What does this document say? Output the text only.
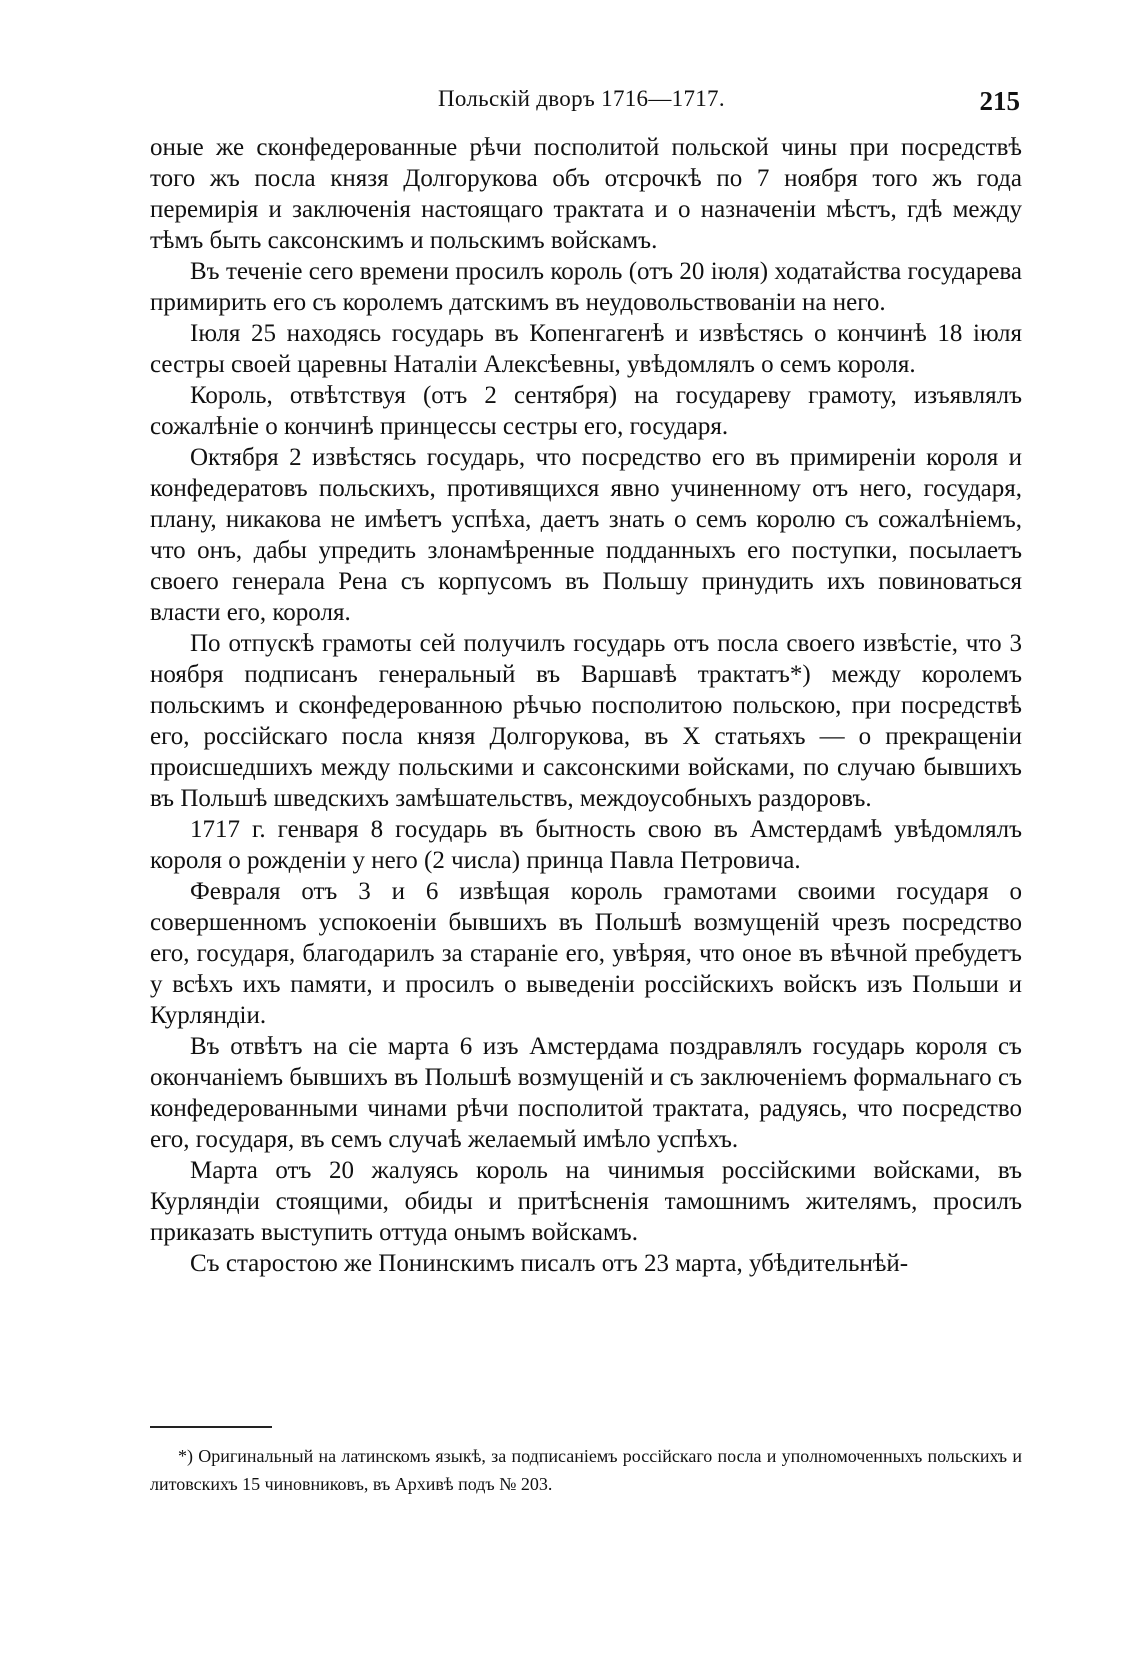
Польскій дворъ 1716—1717.	215

оные же сконфедерованные рѣчи посполитой польской чины при посредствѣ того жъ посла князя Долгорукова объ отсрочкѣ по 7 ноября того жъ года перемирія и заключенія настоящаго трактата и о назначеніи мѣстъ, гдѣ между тѣмъ быть саксонскимъ и польскимъ войскамъ.

Въ теченіе сего времени просилъ король (отъ 20 іюля) ходатайства государева примирить его съ королемъ датскимъ въ неудовольствованіи на него.

Іюля 25 находясь государь въ Копенгагенѣ и извѣстясь о кончинѣ 18 іюля сестры своей царевны Наталіи Алексѣевны, увѣдомлялъ о семъ короля.

Король, отвѣтствуя (отъ 2 сентября) на государеву грамоту, изъявлялъ сожалѣніе о кончинѣ принцессы сестры его, государя.

Октября 2 извѣстясь государь, что посредство его въ примиреніи короля и конфедератовъ польскихъ, противящихся явно учиненному отъ него, государя, плану, никакова не имѣетъ успѣха, даетъ знать о семъ королю съ сожалѣніемъ, что онъ, дабы упредить злонамѣренные подданныхъ его поступки, посылаетъ своего генерала Рена съ корпусомъ въ Польшу принудить ихъ повиноваться власти его, короля.

По отпускѣ грамоты сей получилъ государь отъ посла своего извѣстіе, что 3 ноября подписанъ генеральный въ Варшавѣ трактатъ*) между королемъ польскимъ и сконфедерованною рѣчью посполитою польскою, при посредствѣ его, россійскаго посла князя Долгорукова, въ X статьяхъ — о прекращеніи происшедшихъ между польскими и саксонскими войсками, по случаю бывшихъ въ Польшѣ шведскихъ замѣшательствъ, междоусобныхъ раздоровъ.

1717 г. генваря 8 государь въ бытность свою въ Амстердамѣ увѣдомлялъ короля о рожденіи у него (2 числа) принца Павла Петровича.

Февраля отъ 3 и 6 извѣщая король грамотами своими государя о совершенномъ успокоеніи бывшихъ въ Польшѣ возмущеній чрезъ посредство его, государя, благодарилъ за стараніе его, увѣряя, что оное въ вѣчной пребудетъ у всѣхъ ихъ памяти, и просилъ о выведеніи россійскихъ войскъ изъ Польши и Курляндіи.

Въ отвѣтъ на сіе марта 6 изъ Амстердама поздравлялъ государь короля съ окончаніемъ бывшихъ въ Польшѣ возмущеній и съ заключеніемъ формальнаго съ конфедерованными чинами рѣчи посполитой трактата, радуясь, что посредство его, государя, въ семъ случаѣ желаемый имѣло успѣхъ.

Марта отъ 20 жалуясь король на чинимыя россійскими войсками, въ Курляндіи стоящими, обиды и притѣсненія тамошнимъ жителямъ, просилъ приказать выступить оттуда онымъ войскамъ.

Съ старостою же Понинскимъ писалъ отъ 23 марта, убѣдительнѣй-

*) Оригинальный на латинскомъ языкѣ, за подписаніемъ россійскаго посла и уполномоченныхъ польскихъ и литовскихъ 15 чиновниковъ, въ Архивѣ подъ № 203.
